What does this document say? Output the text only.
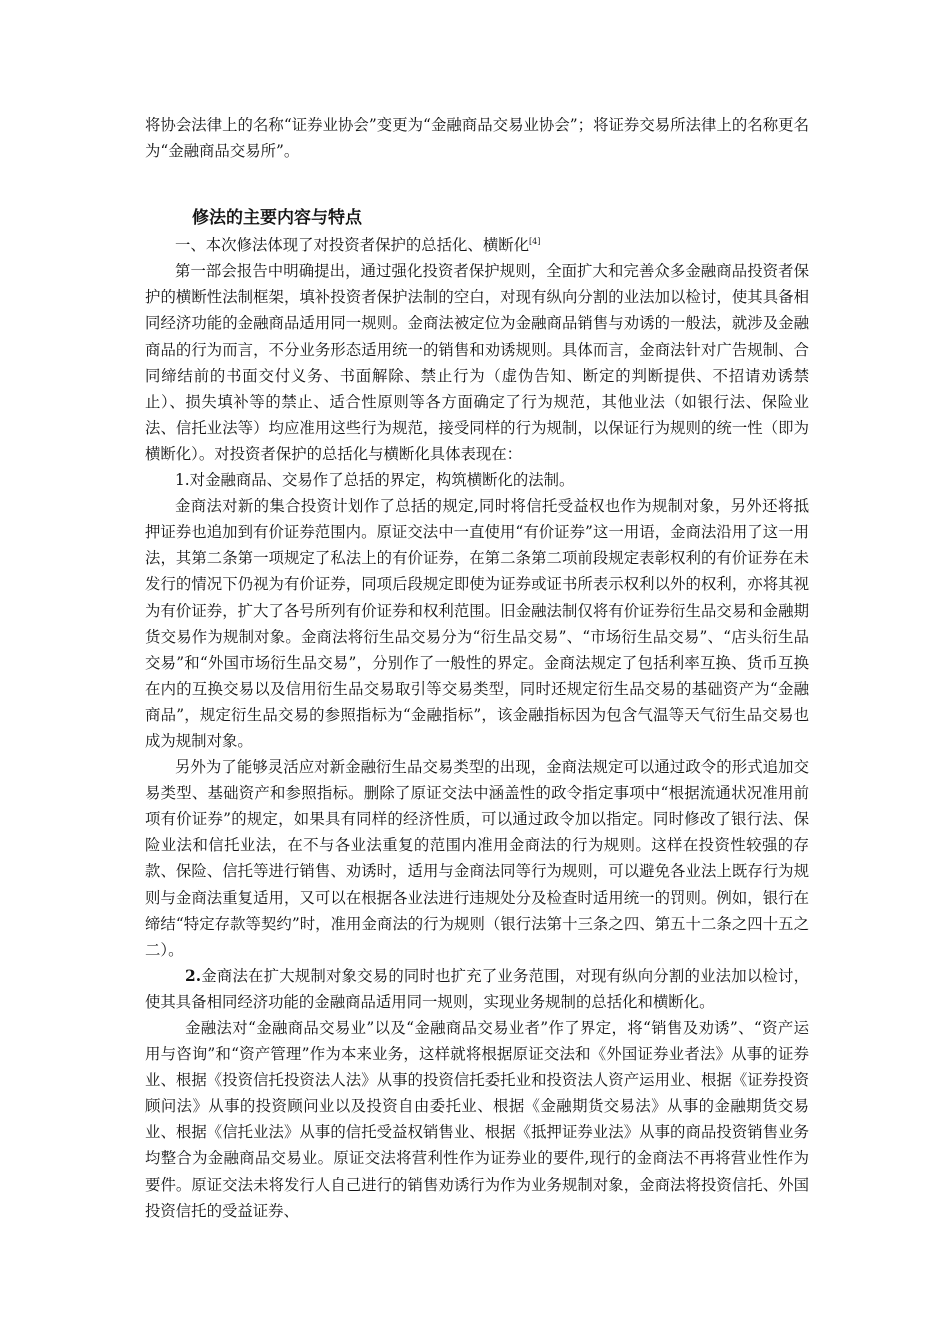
将协会法律上的名称“证券业协会”变更为“金融商品交易业协会”；将证券交易所法律上的名称更名为“金融商品交易所”。

修法的主要内容与特点

一、本次修法体现了对投资者保护的总括化、横断化[4]

第一部会报告中明确提出，通过强化投资者保护规则，全面扩大和完善众多金融商品投资者保护的横断性法制框架，填补投资者保护法制的空白，对现有纵向分割的业法加以检讨，使其具备相同经济功能的金融商品适用同一规则。金商法被定位为金融商品销售与劝诱的一般法，就涉及金融商品的行为而言，不分业务形态适用统一的销售和劝诱规则。具体而言，金商法针对广告规制、合同缔结前的书面交付义务、书面解除、禁止行为（虚伪告知、断定的判断提供、不招请劝诱禁止）、损失填补等的禁止、适合性原则等各方面确定了行为规范，其他业法（如银行法、保险业法、信托业法等）均应准用这些行为规范，接受同样的行为规制，以保证行为规则的统一性（即为横断化）。对投资者保护的总括化与横断化具体表现在：

1.对金融商品、交易作了总括的界定，构筑横断化的法制。

金商法对新的集合投资计划作了总括的规定,同时将信托受益权也作为规制对象，另外还将抵押证券也追加到有价证券范围内。原证交法中一直使用“有价证券”这一用语，金商法沿用了这一用法，其第二条第一项规定了私法上的有价证券，在第二条第二项前段规定表彰权利的有价证券在未发行的情况下仍视为有价证券，同项后段规定即使为证券或证书所表示权利以外的权利，亦将其视为有价证券，扩大了各号所列有价证券和权利范围。旧金融法制仅将有价证券衍生品交易和金融期货交易作为规制对象。金商法将衍生品交易分为“衍生品交易”、“市场衍生品交易”、“店头衍生品交易”和“外国市场衍生品交易”，分别作了一般性的界定。金商法规定了包括利率互换、货币互换在内的互换交易以及信用衍生品交易取引等交易类型，同时还规定衍生品交易的基础资产为“金融商品”，规定衍生品交易的参照指标为“金融指标”，该金融指标因为包含气温等天气衍生品交易也成为规制对象。

另外为了能够灵活应对新金融衍生品交易类型的出现，金商法规定可以通过政令的形式追加交易类型、基础资产和参照指标。删除了原证交法中涵盖性的政令指定事项中“根据流通状况准用前项有价证券”的规定，如果具有同样的经济性质，可以通过政令加以指定。同时修改了银行法、保险业法和信托业法，在不与各业法重复的范围内准用金商法的行为规则。这样在投资性较强的存款、保险、信托等进行销售、劝诱时，适用与金商法同等行为规则，可以避免各业法上既存行为规则与金商法重复适用，又可以在根据各业法进行违规处分及检查时适用统一的罚则。例如，银行在缔结“特定存款等契约”时，准用金商法的行为规则（银行法第十三条之四、第五十二条之四十五之二）。

2.金商法在扩大规制对象交易的同时也扩充了业务范围，对现有纵向分割的业法加以检讨，使其具备相同经济功能的金融商品适用同一规则，实现业务规制的总括化和横断化。

金融法对“金融商品交易业”以及“金融商品交易业者”作了界定，将“销售及劝诱”、“资产运用与咨询”和“资产管理”作为本来业务，这样就将根据原证交法和《外国证券业者法》从事的证券业、根据《投资信托投资法人法》从事的投资信托委托业和投资法人资产运用业、根据《证券投资顾问法》从事的投资顾问业以及投资自由委托业、根据《金融期货交易法》从事的金融期货交易业、根据《信托业法》从事的信托受益权销售业、根据《抵押证券业法》从事的商品投资销售业务均整合为金融商品交易业。原证交法将营利性作为证券业的要件,现行的金商法不再将营业性作为要件。原证交法未将发行人自己进行的销售劝诱行为作为业务规制对象，金商法将投资信托、外国投资信托的受益证券、
